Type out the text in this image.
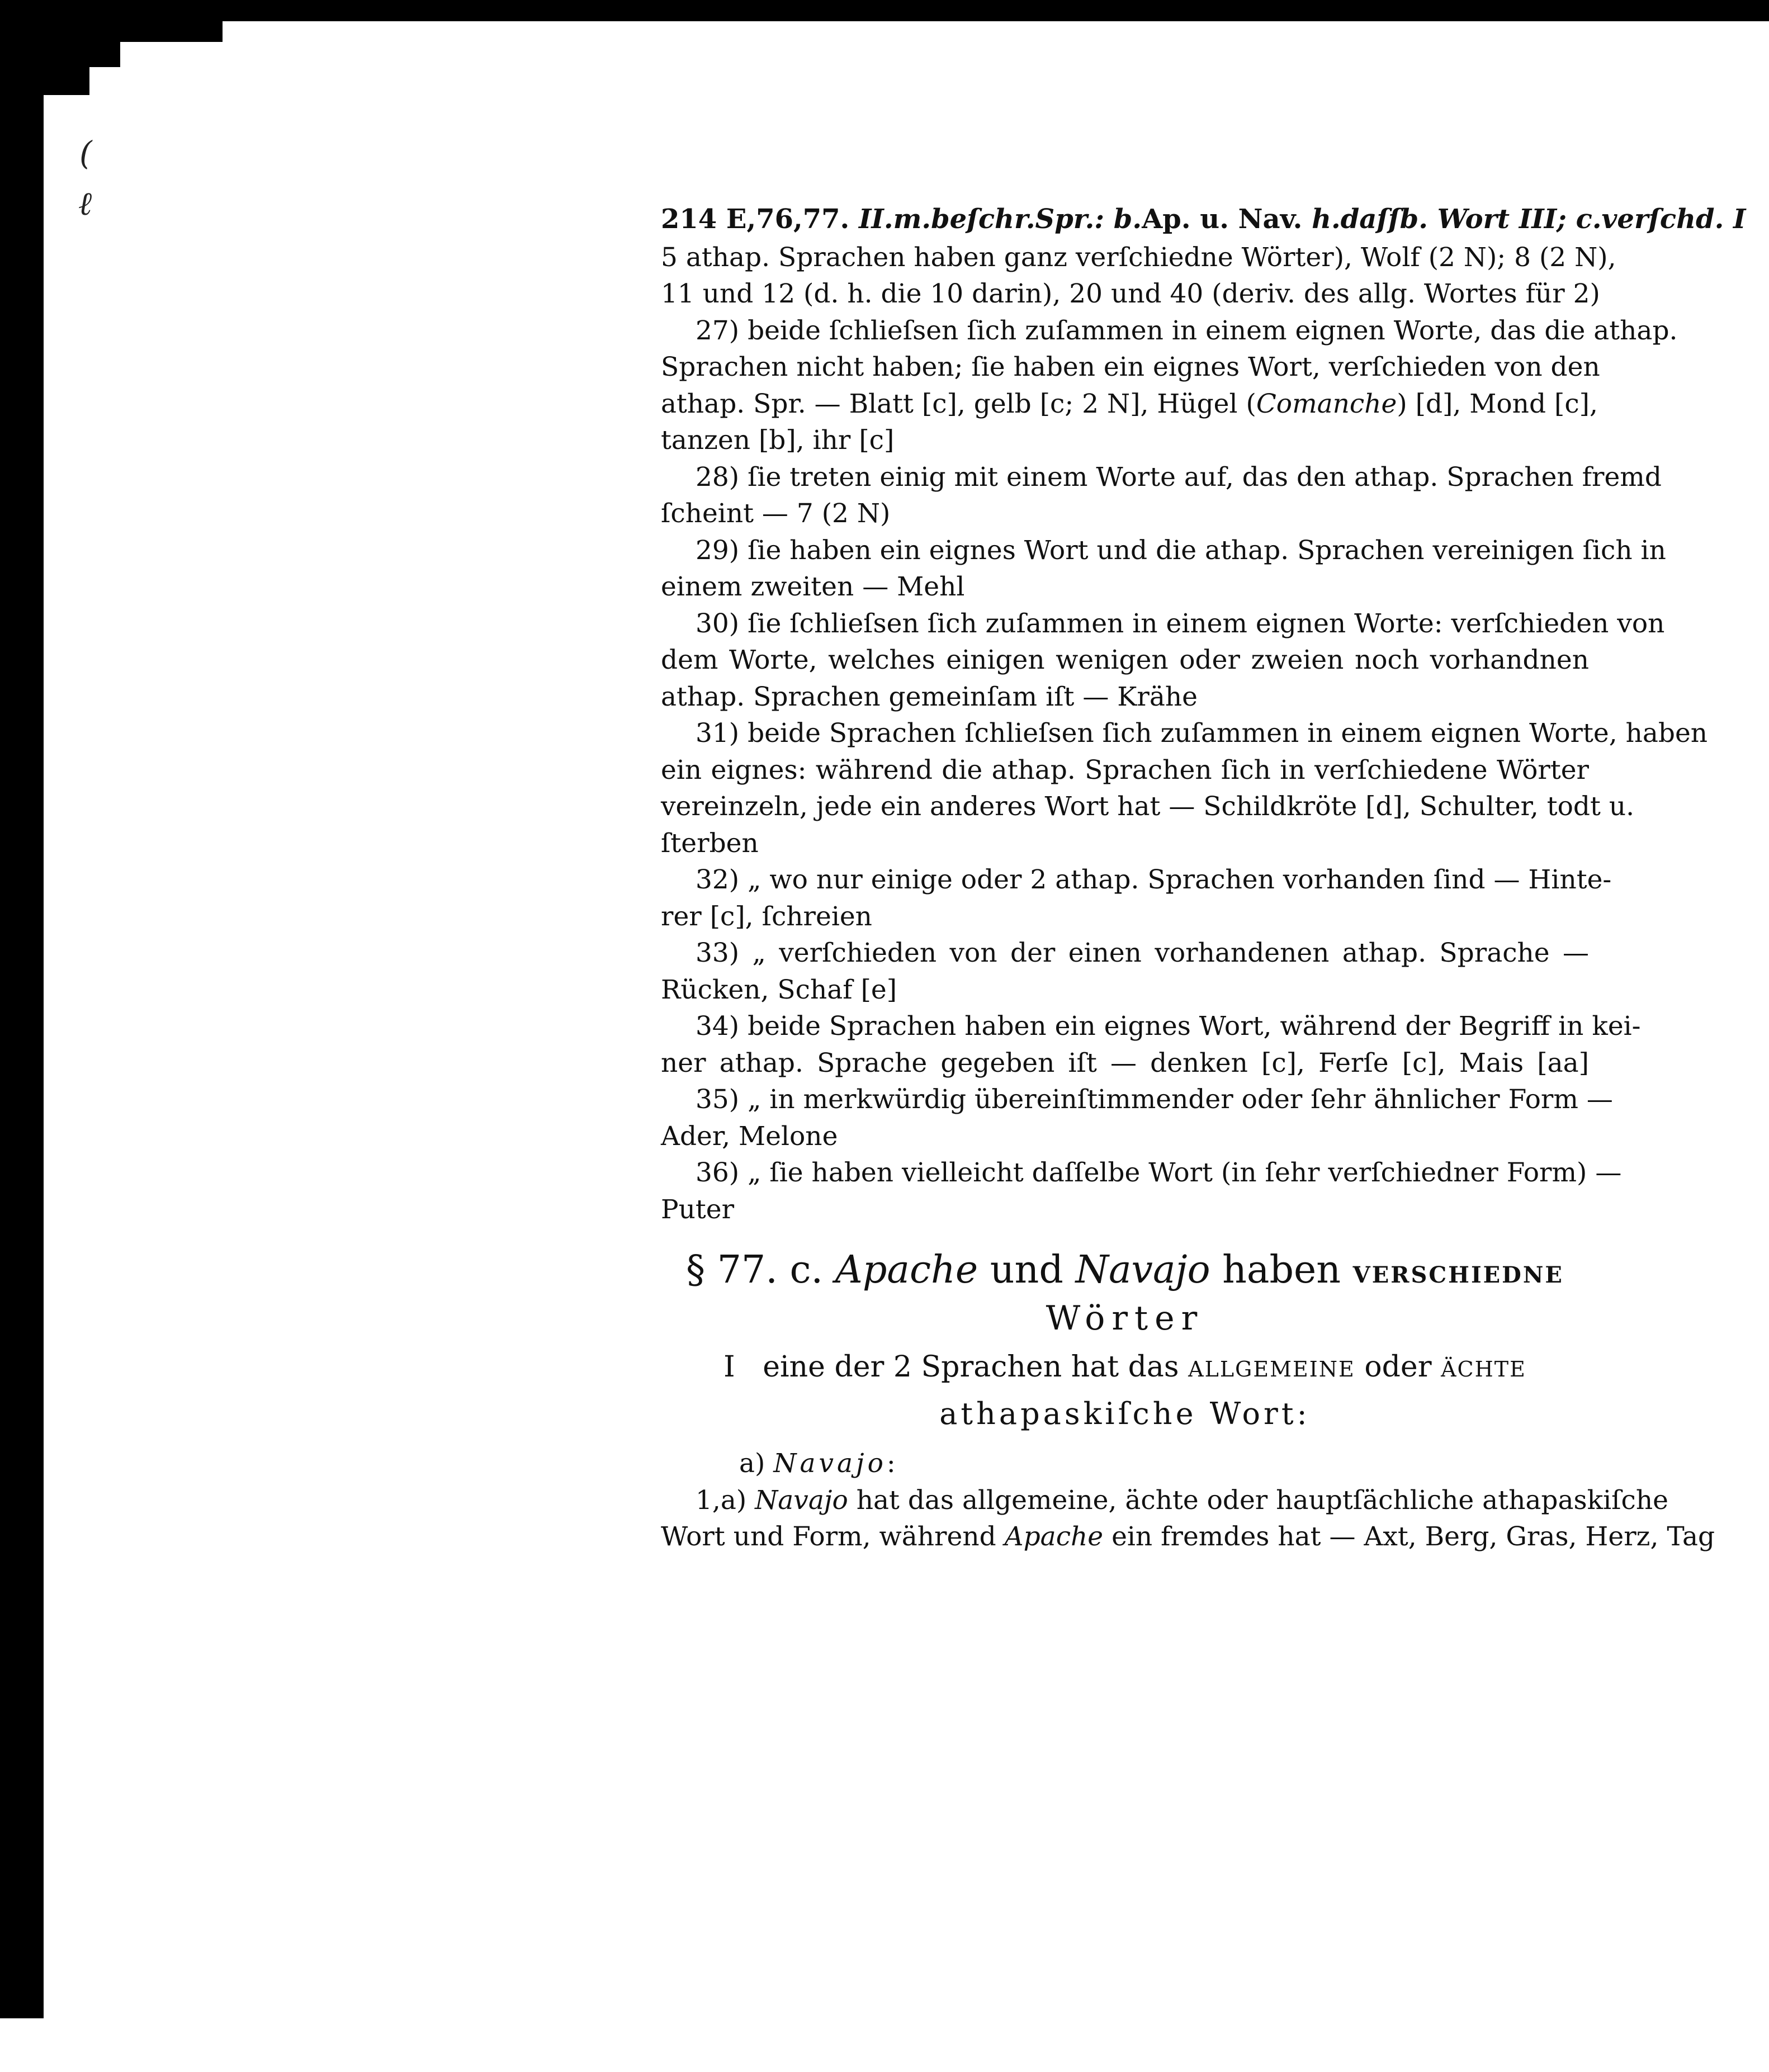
(
ℓ	214 E,76,77. II.m.beſchr.Spr.: b.Ap. u. Nav. h.daſſb. Wort III; c.verſchd. I
5 athap. Sprachen haben ganz verſchiedne Wörter), Wolf (2 N); 8 (2 N),
11 und 12 (d. h. die 10 darin), 20 und 40 (deriv. des allg. Wortes für 2)
27) beide ſchlieſsen ſich zuſammen in einem eignen Worte, das die athap.
Sprachen nicht haben; ſie haben ein eignes Wort, verſchieden von den
athap. Spr. — Blatt [c], gelb [c; 2 N], Hügel (Comanche) [d], Mond [c],
tanzen [b], ihr [c]
28) ſie treten einig mit einem Worte auf, das den athap. Sprachen fremd
ſcheint — 7 (2 N)
29) ſie haben ein eignes Wort und die athap. Sprachen vereinigen ſich in
einem zweiten — Mehl
30) ſie ſchlieſsen ſich zuſammen in einem eignen Worte: verſchieden von
dem Worte, welches einigen wenigen oder zweien noch vorhandnen
athap. Sprachen gemeinſam iſt — Krähe
31) beide Sprachen ſchlieſsen ſich zuſammen in einem eignen Worte, haben
ein eignes: während die athap. Sprachen ſich in verſchiedene Wörter
vereinzeln, jede ein anderes Wort hat — Schildkröte [d], Schulter, todt u.
ſterben
32) „ wo nur einige oder 2 athap. Sprachen vorhanden ſind — Hinte-
rer [c], ſchreien
33) „ verſchieden von der einen vorhandenen athap. Sprache —
Rücken, Schaf [e]
34) beide Sprachen haben ein eignes Wort, während der Begriff in kei-
ner athap. Sprache gegeben iſt — denken [c], Ferſe [c], Mais [aa]
35) „ in merkwürdig übereinſtimmender oder ſehr ähnlicher Form —
Ader, Melone
36) „ ſie haben vielleicht daſſelbe Wort (in ſehr verſchiedner Form) —
Puter
§ 77. c. Apache und Navajo haben VERSCHIEDNE
Wörter
I eine der 2 Sprachen hat das ALLGEMEINE oder ÄCHTE
athapaskiſche Wort:
a) Navajo:
1,a) Navajo hat das allgemeine, ächte oder hauptſächliche athapaskiſche
Wort und Form, während Apache ein fremdes hat — Axt, Berg, Gras, Herz, Tag
